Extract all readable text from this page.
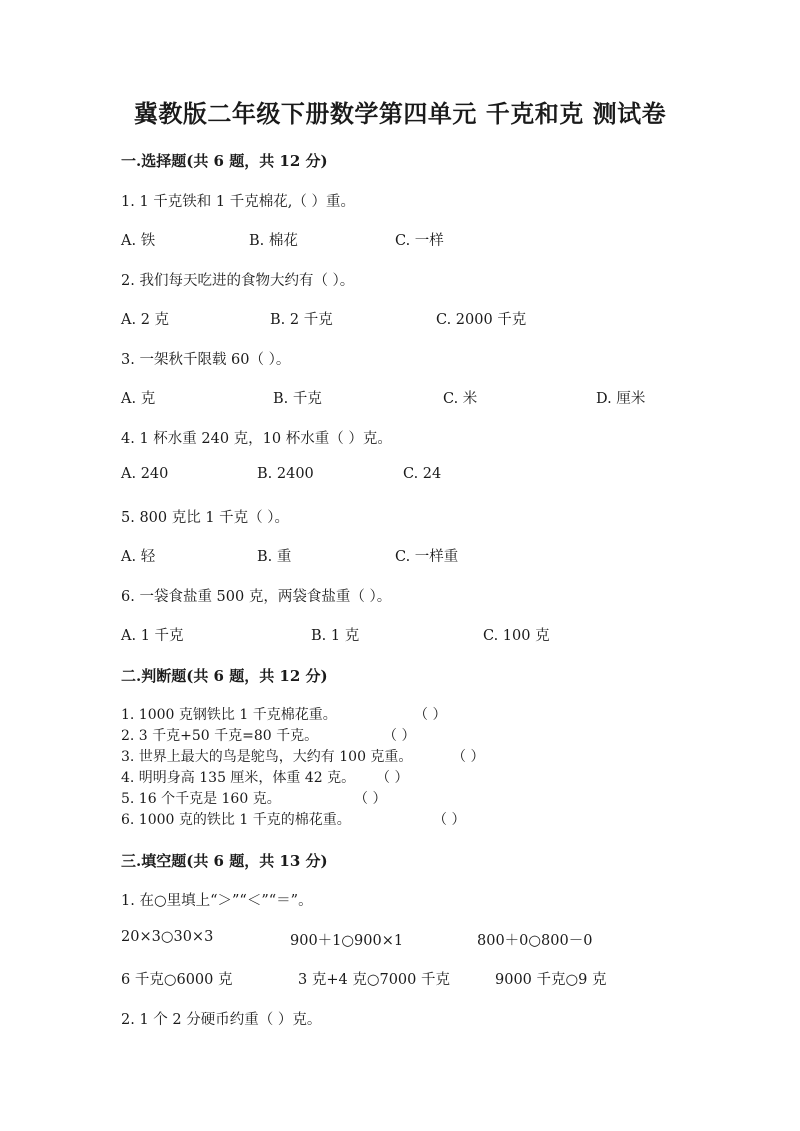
冀教版二年级下册数学第四单元 千克和克 测试卷
一.选择题(共 6 题，共 12 分)
1. 1 千克铁和 1 千克棉花,（ ）重。
A. 铁	B. 棉花	C. 一样
2. 我们每天吃进的食物大约有（ ）。
A. 2 克	B. 2 千克	C. 2000 千克
3. 一架秋千限载 60（ ）。
A. 克	B. 千克	C. 米	D. 厘米
4. 1 杯水重 240 克，10 杯水重（ ）克。
A. 240	B. 2400	C. 24
5. 800 克比 1 千克（ ）。
A. 轻	B. 重	C. 一样重
6. 一袋食盐重 500 克，两袋食盐重（ ）。
A. 1 千克	B. 1 克	C. 100 克
二.判断题(共 6 题，共 12 分)
1. 1000 克钢铁比 1 千克棉花重。	（ ）
2. 3 千克+50 千克=80 千克。	（ ）
3. 世界上最大的鸟是鸵鸟，大约有 100 克重。	（ ）
4. 明明身高 135 厘米，体重 42 克。 （ ）
5. 16 个千克是 160 克。	（ ）
6. 1000 克的铁比 1 千克的棉花重。	（ ）
三.填空题(共 6 题，共 13 分)
1. 在○里填上“＞”“＜”“＝”。
20×3○30×3	900＋1○900×1	800＋0○800－0
6 千克○6000 克	3 克+4 克○7000 千克	9000 千克○9 克
2. 1 个 2 分硬币约重（ ）克。
